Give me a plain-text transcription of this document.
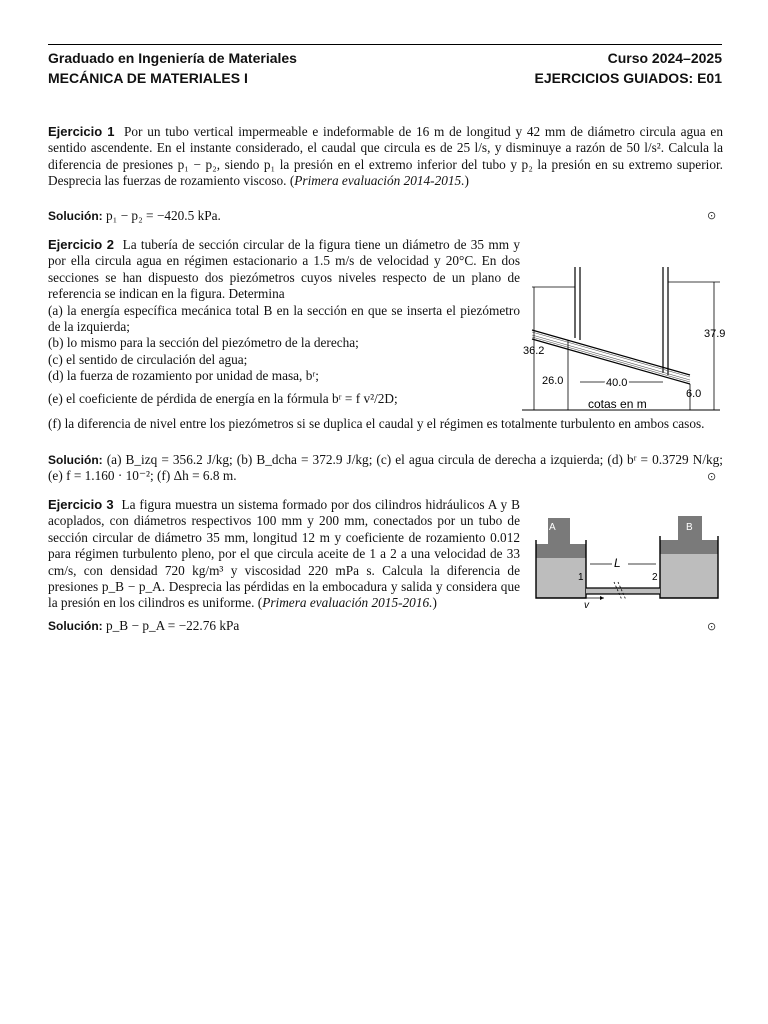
Graduado en Ingeniería de Materiales	Curso 2024–2025
MECÁNICA DE MATERIALES I	EJERCICIOS GUIADOS: E01

Ejercicio 1 Por un tubo vertical impermeable e indeformable de 16 m de longitud y 42 mm de diámetro circula agua en sentido ascendente. En el instante considerado, el caudal que circula es de 25 l/s, y disminuye a razón de 50 l/s². Calcula la diferencia de presiones p₁ − p₂, siendo p₁ la presión en el extremo inferior del tubo y p₂ la presión en su extremo superior. Desprecia las fuerzas de rozamiento viscoso. (Primera evaluación 2014-2015.)

Solución: p₁ − p₂ = −420.5 kPa.	⊙

Ejercicio 2 La tubería de sección circular de la figura tiene un diámetro de 35 mm y por ella circula agua en régimen estacionario a 1.5 m/s de velocidad y 20°C. En dos secciones se han dispuesto dos piezómetros cuyos niveles respecto de un plano de referencia se indican en la figura. Determina

(a) la energía específica mecánica total B en la sección en que se inserta el piezómetro de la izquierda;

(b) lo mismo para la sección del piezómetro de la derecha;

(c) el sentido de circulación del agua;

(d) la fuerza de rozamiento por unidad de masa, bʳ;

(e) el coeficiente de pérdida de energía en la fórmula bʳ = f v²/2D;

(f) la diferencia de nivel entre los piezómetros si se duplica el caudal y el régimen es totalmente turbulento en ambos casos.

Solución: (a) B_izq = 356.2 J/kg; (b) B_dcha = 372.9 J/kg; (c) el agua circula de derecha a izquierda; (d) bʳ = 0.3729 N/kg; (e) f = 1.160 · 10⁻²; (f) Δh = 6.8 m.	⊙
36.2
37.9
26.0	40.0
6.0
cotas en m

Ejercicio 3 La figura muestra un sistema formado por dos cilindros hidráulicos A y B acoplados, con diámetros respectivos 100 mm y 200 mm, conectados por un tubo de sección circular de diámetro 35 mm, longitud 12 m y coeficiente de rozamiento 0.012 para régimen turbulento pleno, por el que circula aceite de 1 a 2 a una velocidad de 33 cm/s, con densidad 720 kg/m³ y viscosidad 220 mPa s. Calcula la diferencia de presiones p_B − p_A. Desprecia las pérdidas en la embocadura y salida y considera que la presión en los cilindros es uniforme. (Primera evaluación 2015-2016.)

Solución: p_B − p_A = −22.76 kPa	⊙
A	B
L
1	2
v
